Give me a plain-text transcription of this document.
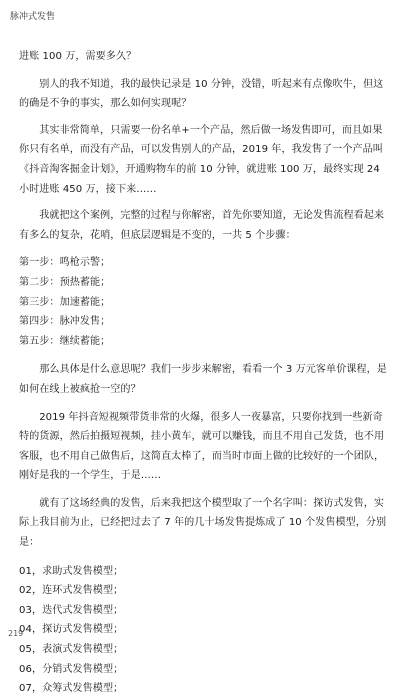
脉冲式发售

进账 100 万，需要多久？

别人的我不知道，我的最快记录是 10 分钟，没错，听起来有点像吹牛，但这的确是不争的事实，那么如何实现呢？

其实非常简单，只需要一份名单+一个产品，然后做一场发售即可，而且如果你只有名单，而没有产品，可以发售别人的产品，2019 年，我发售了一个产品叫《抖音淘客掘金计划》，开通购物车的前 10 分钟，就进账 100 万，最终实现 24 小时进账 450 万，接下来……

我就把这个案例，完整的过程与你解密，首先你要知道，无论发售流程看起来有多么的复杂，花哨，但底层逻辑是不变的，一共 5 个步骤：

第一步：鸣枪示警；
第二步：预热蓄能；
第三步：加速蓄能；
第四步：脉冲发售；
第五步：继续蓄能；

那么具体是什么意思呢？我们一步步来解密，看看一个 3 万元客单价课程，是如何在线上被疯抢一空的？

2019 年抖音短视频带货非常的火爆，很多人一夜暴富，只要你找到一些新奇特的货源，然后拍摄短视频，挂小黄车，就可以赚钱，而且不用自己发货，也不用客服，也不用自己做售后，这简直太棒了，而当时市面上做的比较好的一个团队，刚好是我的一个学生，于是……

就有了这场经典的发售，后来我把这个模型取了一个名字叫：探访式发售，实际上我目前为止，已经把过去了 7 年的几十场发售提炼成了 10 个发售模型，分别是：

01，求助式发售模型；
02，连环式发售模型；
03，迭代式发售模型；
04，探访式发售模型；
05，表演式发售模型；
06，分销式发售模型；
07，众筹式发售模型；
219
